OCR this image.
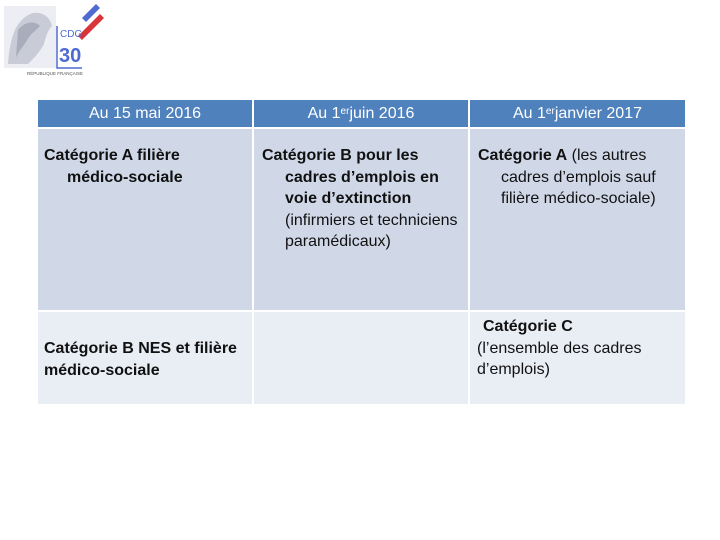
CDG
30
RÉPUBLIQUE FRANÇAISE
Au 15 mai 2016	Au 1er juin 2016	Au 1er janvier 2017
Catégorie A filière médico-sociale
Catégorie B pour les cadres d’emplois en voie d’extinction (infirmiers et techniciens paramédicaux)
Catégorie A (les autres cadres d’emplois sauf filière médico-sociale)
Catégorie B NES et filière médico-sociale
Catégorie C
(l’ensemble des cadres d’emplois)
